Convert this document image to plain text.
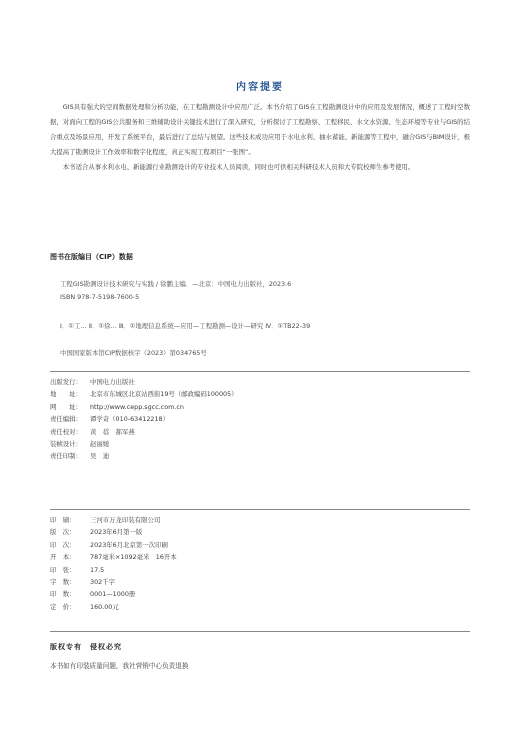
内容提要

GIS具有强大的空间数据处理和分析功能，在工程勘测设计中应用广泛。本书介绍了GIS在工程勘测设计中的应用及发展情况，概述了工程时空数据，对面向工程的GIS公共服务和三维辅助设计关键技术进行了深入研究，分析探讨了工程勘察、工程移民、水文水资源、生态环境等专业与GIS的结合重点及场景应用，开发了系统平台，最后进行了总结与展望。这些技术成功应用于水电水利、抽水蓄能、新能源等工程中，融合GIS与BIM设计，极大提高了勘测设计工作效率和数字化程度，真正实现工程项目“一张图”。

本书适合从事水利水电、新能源行业勘测设计的专业技术人员阅读，同时也可供相关科研技术人员和大专院校师生参考使用。

图书在版编目（CIP）数据
工程GIS勘测设计技术研究与实践 / 徐鹏主编．—北京：中国电力出版社，2023.6
ISBN 978-7-5198-7600-5
Ⅰ．①工… Ⅱ．①徐… Ⅲ．①地理信息系统—应用—工程勘测—设计—研究 Ⅳ．①TB22-39
中国国家版本馆CIP数据核字（2023）第034765号
出版发行：	中国电力出版社
地　　址：	北京市东城区北京站西街19号（邮政编码100005）
网　　址：	http://www.cepp.sgcc.com.cn
责任编辑：	谭学奇（010-63412218）
责任校对：	黄　蓓　郝军燕
装帧设计：	赵丽媛
责任印制：	吴　迪
印　刷：	三河市万龙印装有限公司
版　次：	2023年6月第一版
印　次：	2023年6月北京第一次印刷
开　本：	787毫米×1092毫米　16开本
印　张：	17.5
字　数：	302千字
印　数：	0001—1000册
定　价：	160.00元
版权专有　侵权必究
本书如有印装质量问题，我社营销中心负责退换
